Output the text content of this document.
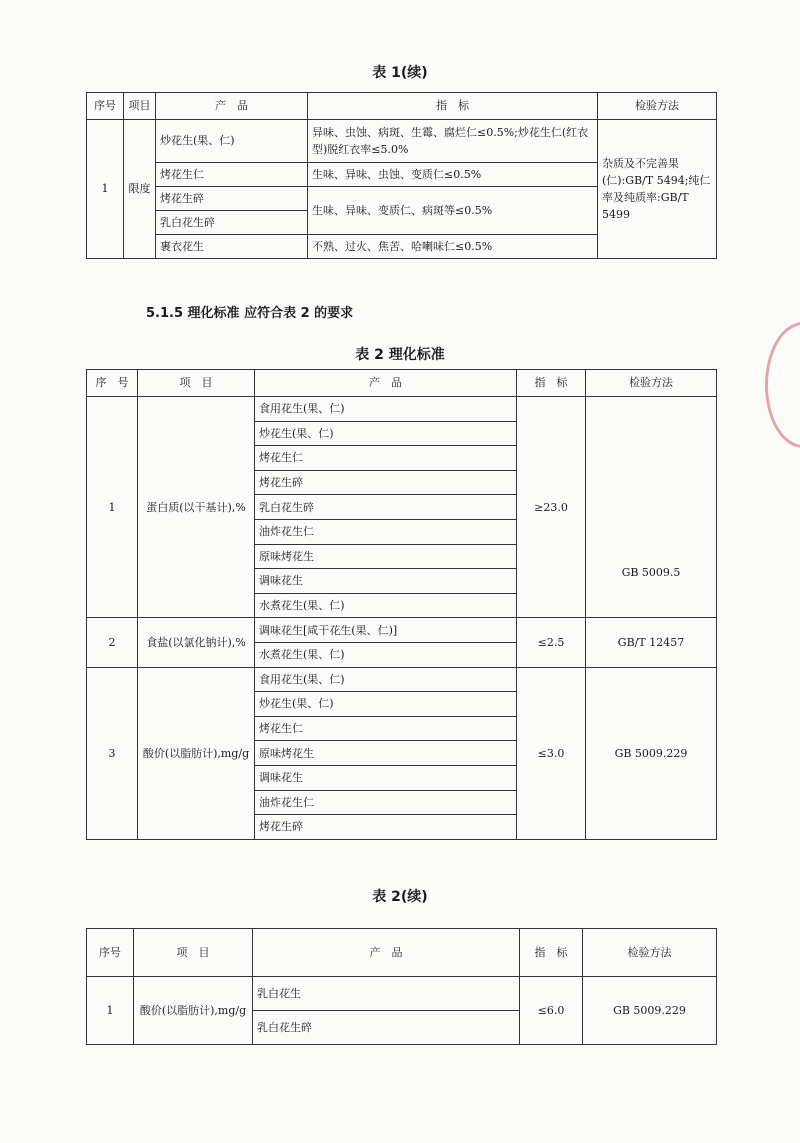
表 1(续)
序号	项目	产　品	指　标	检验方法
1	限度	炒花生(果、仁)	异味、虫蚀、病斑、生霉、腐烂仁≤0.5%;炒花生仁(红衣型)脱红衣率≤5.0%	杂质及不完善果(仁):GB/T 5494;纯仁率及纯质率:GB/T 5499
		烤花生仁	生味、异味、虫蚀、变质仁≤0.5%	
		烤花生碎	生味、异味、变质仁、病斑等≤0.5%	
		乳白花生碎		
		裹衣花生	不熟、过火、焦苦、哈喇味仁≤0.5%	
5.1.5 理化标准 应符合表 2 的要求
表 2 理化标准
序　号	项　目	产　品	指　标	检验方法
1	蛋白质(以干基计),%	食用花生(果、仁)	≥23.0	GB 5009.5
		炒花生(果、仁)		
		烤花生仁		
		烤花生碎		
		乳白花生碎		
		油炸花生仁		
		原味烤花生		
		调味花生		
		水煮花生(果、仁)		
2	食盐(以氯化钠计),%	调味花生[咸干花生(果、仁)]	≤2.5	GB/T 12457
		水煮花生(果、仁)		
3	酸价(以脂肪计),mg/g	食用花生(果、仁)	≤3.0	GB 5009.229
		炒花生(果、仁)		
		烤花生仁		
		原味烤花生		
		调味花生		
		油炸花生仁		
		烤花生碎		
表 2(续)
序号	项　目	产　品	指　标	检验方法
1	酸价(以脂肪计),mg/g	乳白花生	≤6.0	GB 5009.229
		乳白花生碎		
